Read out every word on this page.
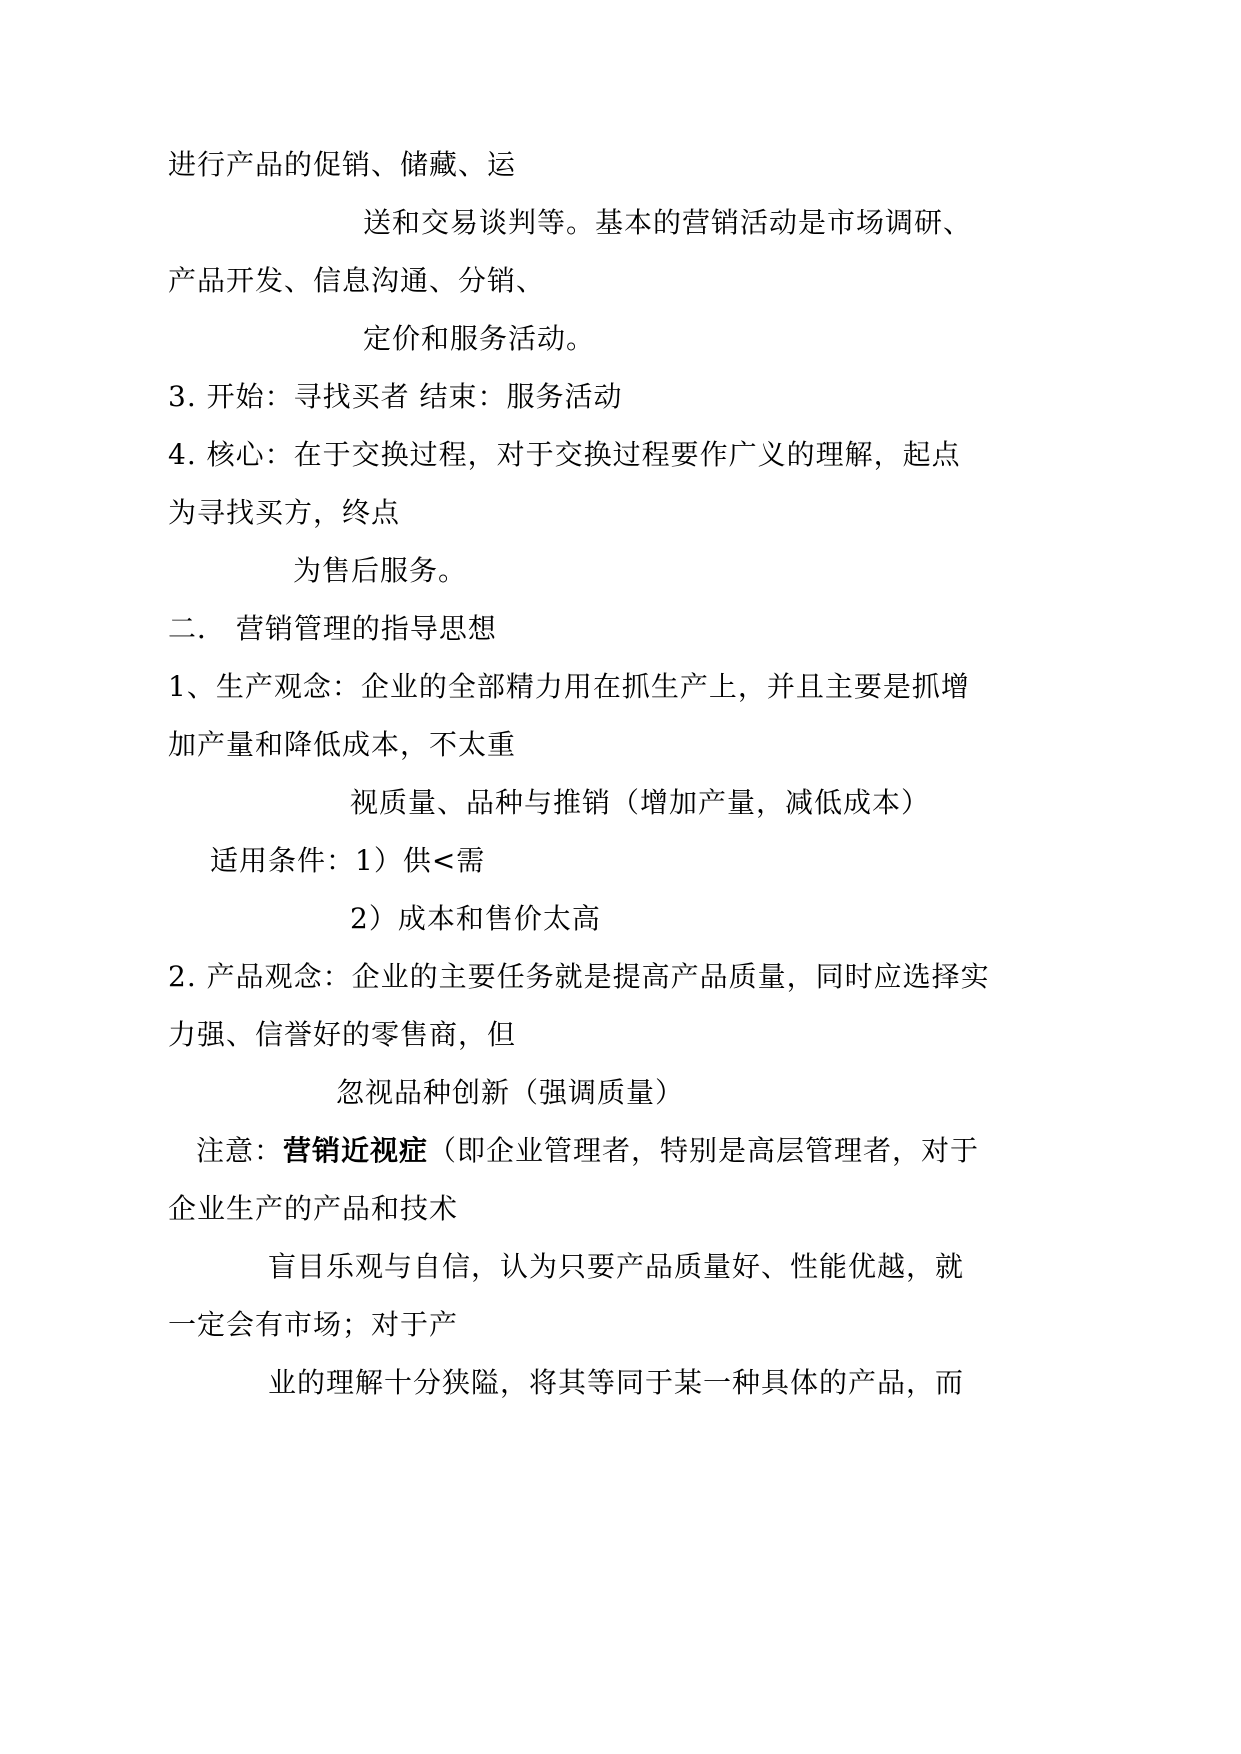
进行产品的促销、储藏、运
送和交易谈判等。基本的营销活动是市场调研、
产品开发、信息沟通、分销、
定价和服务活动。
3. 开始：寻找买者 结束：服务活动
4. 核心：在于交换过程，对于交换过程要作广义的理解，起点
为寻找买方，终点
为售后服务。
二． 营销管理的指导思想
1、生产观念：企业的全部精力用在抓生产上，并且主要是抓增
加产量和降低成本，不太重
视质量、品种与推销（增加产量，减低成本）
适用条件：1）供<需
2）成本和售价太高
2. 产品观念：企业的主要任务就是提高产品质量，同时应选择实
力强、信誉好的零售商，但
忽视品种创新（强调质量）
注意：营销近视症（即企业管理者，特别是高层管理者，对于
企业生产的产品和技术
盲目乐观与自信，认为只要产品质量好、性能优越，就
一定会有市场；对于产
业的理解十分狭隘，将其等同于某一种具体的产品，而
